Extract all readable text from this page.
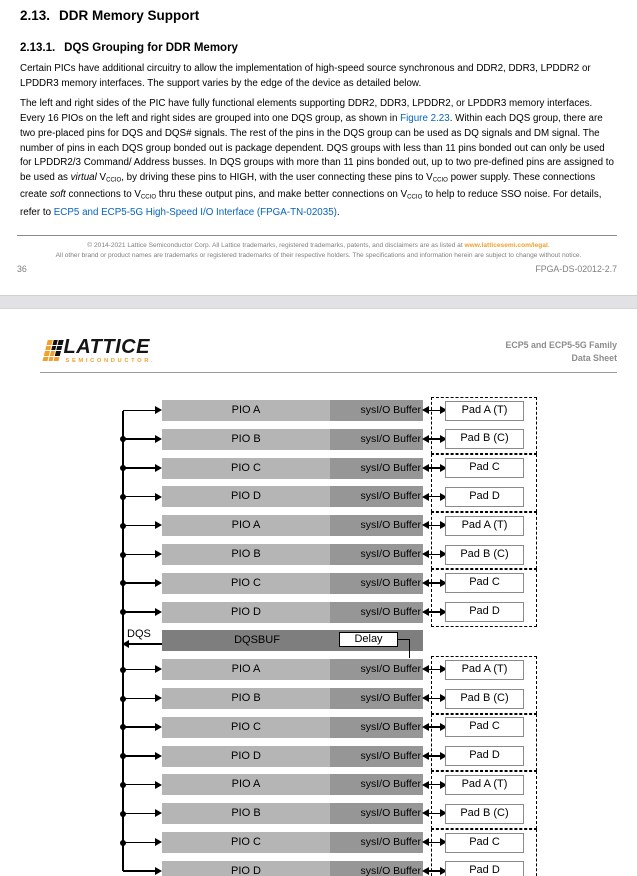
2.13. DDR Memory Support
2.13.1. DQS Grouping for DDR Memory

Certain PICs have additional circuitry to allow the implementation of high-speed source synchronous and DDR2, DDR3, LPDDR2 or LPDDR3 memory interfaces. The support varies by the edge of the device as detailed below.

The left and right sides of the PIC have fully functional elements supporting DDR2, DDR3, LPDDR2, or LPDDR3 memory interfaces. Every 16 PIOs on the left and right sides are grouped into one DQS group, as shown in Figure 2.23. Within each DQS group, there are two pre-placed pins for DQS and DQS# signals. The rest of the pins in the DQS group can be used as DQ signals and DM signal. The number of pins in each DQS group bonded out is package dependent. DQS groups with less than 11 pins bonded out can only be used for LPDDR2/3 Command/ Address busses. In DQS groups with more than 11 pins bonded out, up to two pre-defined pins are assigned to be used as virtual VCCIO, by driving these pins to HIGH, with the user connecting these pins to VCCIO power supply. These connections create soft connections to VCCIO thru these output pins, and make better connections on VCCIO to help to reduce SSO noise. For details, refer to ECP5 and ECP5-5G High-Speed I/O Interface (FPGA-TN-02035).

© 2014-2021 Lattice Semiconductor Corp. All Lattice trademarks, registered trademarks, patents, and disclaimers are as listed at www.latticesemi.com/legal.
All other brand or product names are trademarks or registered trademarks of their respective holders. The specifications and information herein are subject to change without notice.
36	FPGA-DS-02012-2.7
LATTICE
SEMICONDUCTOR.
ECP5 and ECP5-5G Family
Data Sheet
PIO A	sysI/O Buffer	Pad A (T)
PIO B	sysI/O Buffer	Pad B (C)
PIO C	sysI/O Buffer	Pad C
PIO D	sysI/O Buffer	Pad D
PIO A	sysI/O Buffer	Pad A (T)
PIO B	sysI/O Buffer	Pad B (C)
PIO C	sysI/O Buffer	Pad C
PIO D	sysI/O Buffer	Pad D
DQS
DQSBUF	Delay
PIO A	sysI/O Buffer	Pad A (T)
PIO B	sysI/O Buffer	Pad B (C)
PIO C	sysI/O Buffer	Pad C
PIO D	sysI/O Buffer	Pad D
PIO A	sysI/O Buffer	Pad A (T)
PIO B	sysI/O Buffer	Pad B (C)
PIO C	sysI/O Buffer	Pad C
PIO D	sysI/O Buffer	Pad D
